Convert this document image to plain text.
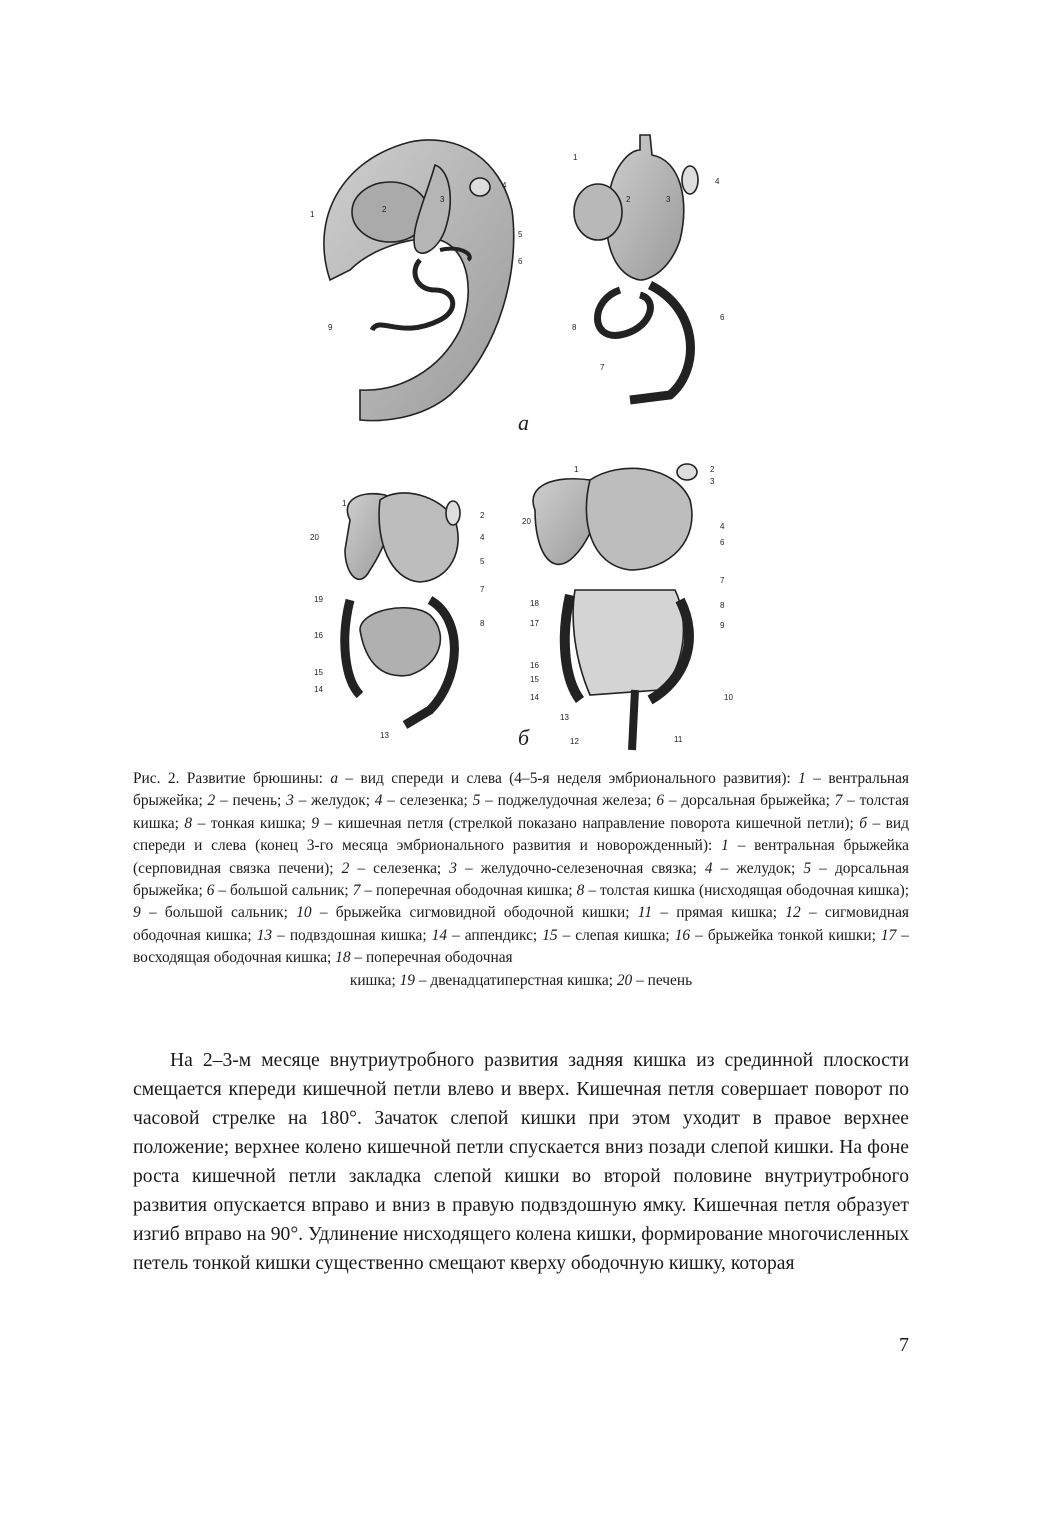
а
б
1
2
3
4
5
6
9
1
2	3
4
6
7
8
1
2
4
5
7
8
13
14
15
16
19
20
1	2
3
4
6
7
8
9
10
11
12
13
14
15
16
17
18
20
Рис. 2. Развитие брюшины: а – вид спереди и слева (4–5-я неделя эмбрионального развития): 1 – вентральная брыжейка; 2 – печень; 3 – желудок; 4 – селезенка; 5 – поджелудочная железа; 6 – дорсальная брыжейка; 7 – толстая кишка; 8 – тонкая кишка; 9 – кишечная петля (стрелкой показано направление поворота кишечной петли); б – вид спереди и слева (конец 3-го месяца эмбрионального развития и новорожденный): 1 – вентральная брыжейка (серповидная связка печени); 2 – селезенка; 3 – желудочно-селезеночная связка; 4 – желудок; 5 – дорсальная брыжейка; 6 – большой сальник; 7 – поперечная ободочная кишка; 8 – толстая кишка (нисходящая ободочная кишка); 9 – большой сальник; 10 – брыжейка сигмовидной ободочной кишки; 11 – прямая кишка; 12 – сигмовидная ободочная кишка; 13 – подвздошная кишка; 14 – аппендикс; 15 – слепая кишка; 16 – брыжейка тонкой кишки; 17 – восходящая ободочная кишка; 18 – поперечная ободочная
кишка; 19 – двенадцатиперстная кишка; 20 – печень

На 2–3-м месяце внутриутробного развития задняя кишка из срединной плоскости смещается кпереди кишечной петли влево и вверх. Кишечная петля совершает поворот по часовой стрелке на 180°. Зачаток слепой кишки при этом уходит в правое верхнее положение; верхнее колено кишечной петли спускается вниз позади слепой кишки. На фоне роста кишечной петли закладка слепой кишки во второй половине внутриутробного развития опускается вправо и вниз в правую подвздошную ямку. Кишечная петля образует изгиб вправо на 90°. Удлинение нисходящего колена кишки, формирование многочисленных петель тонкой кишки существенно смещают кверху ободочную кишку, которая

7
